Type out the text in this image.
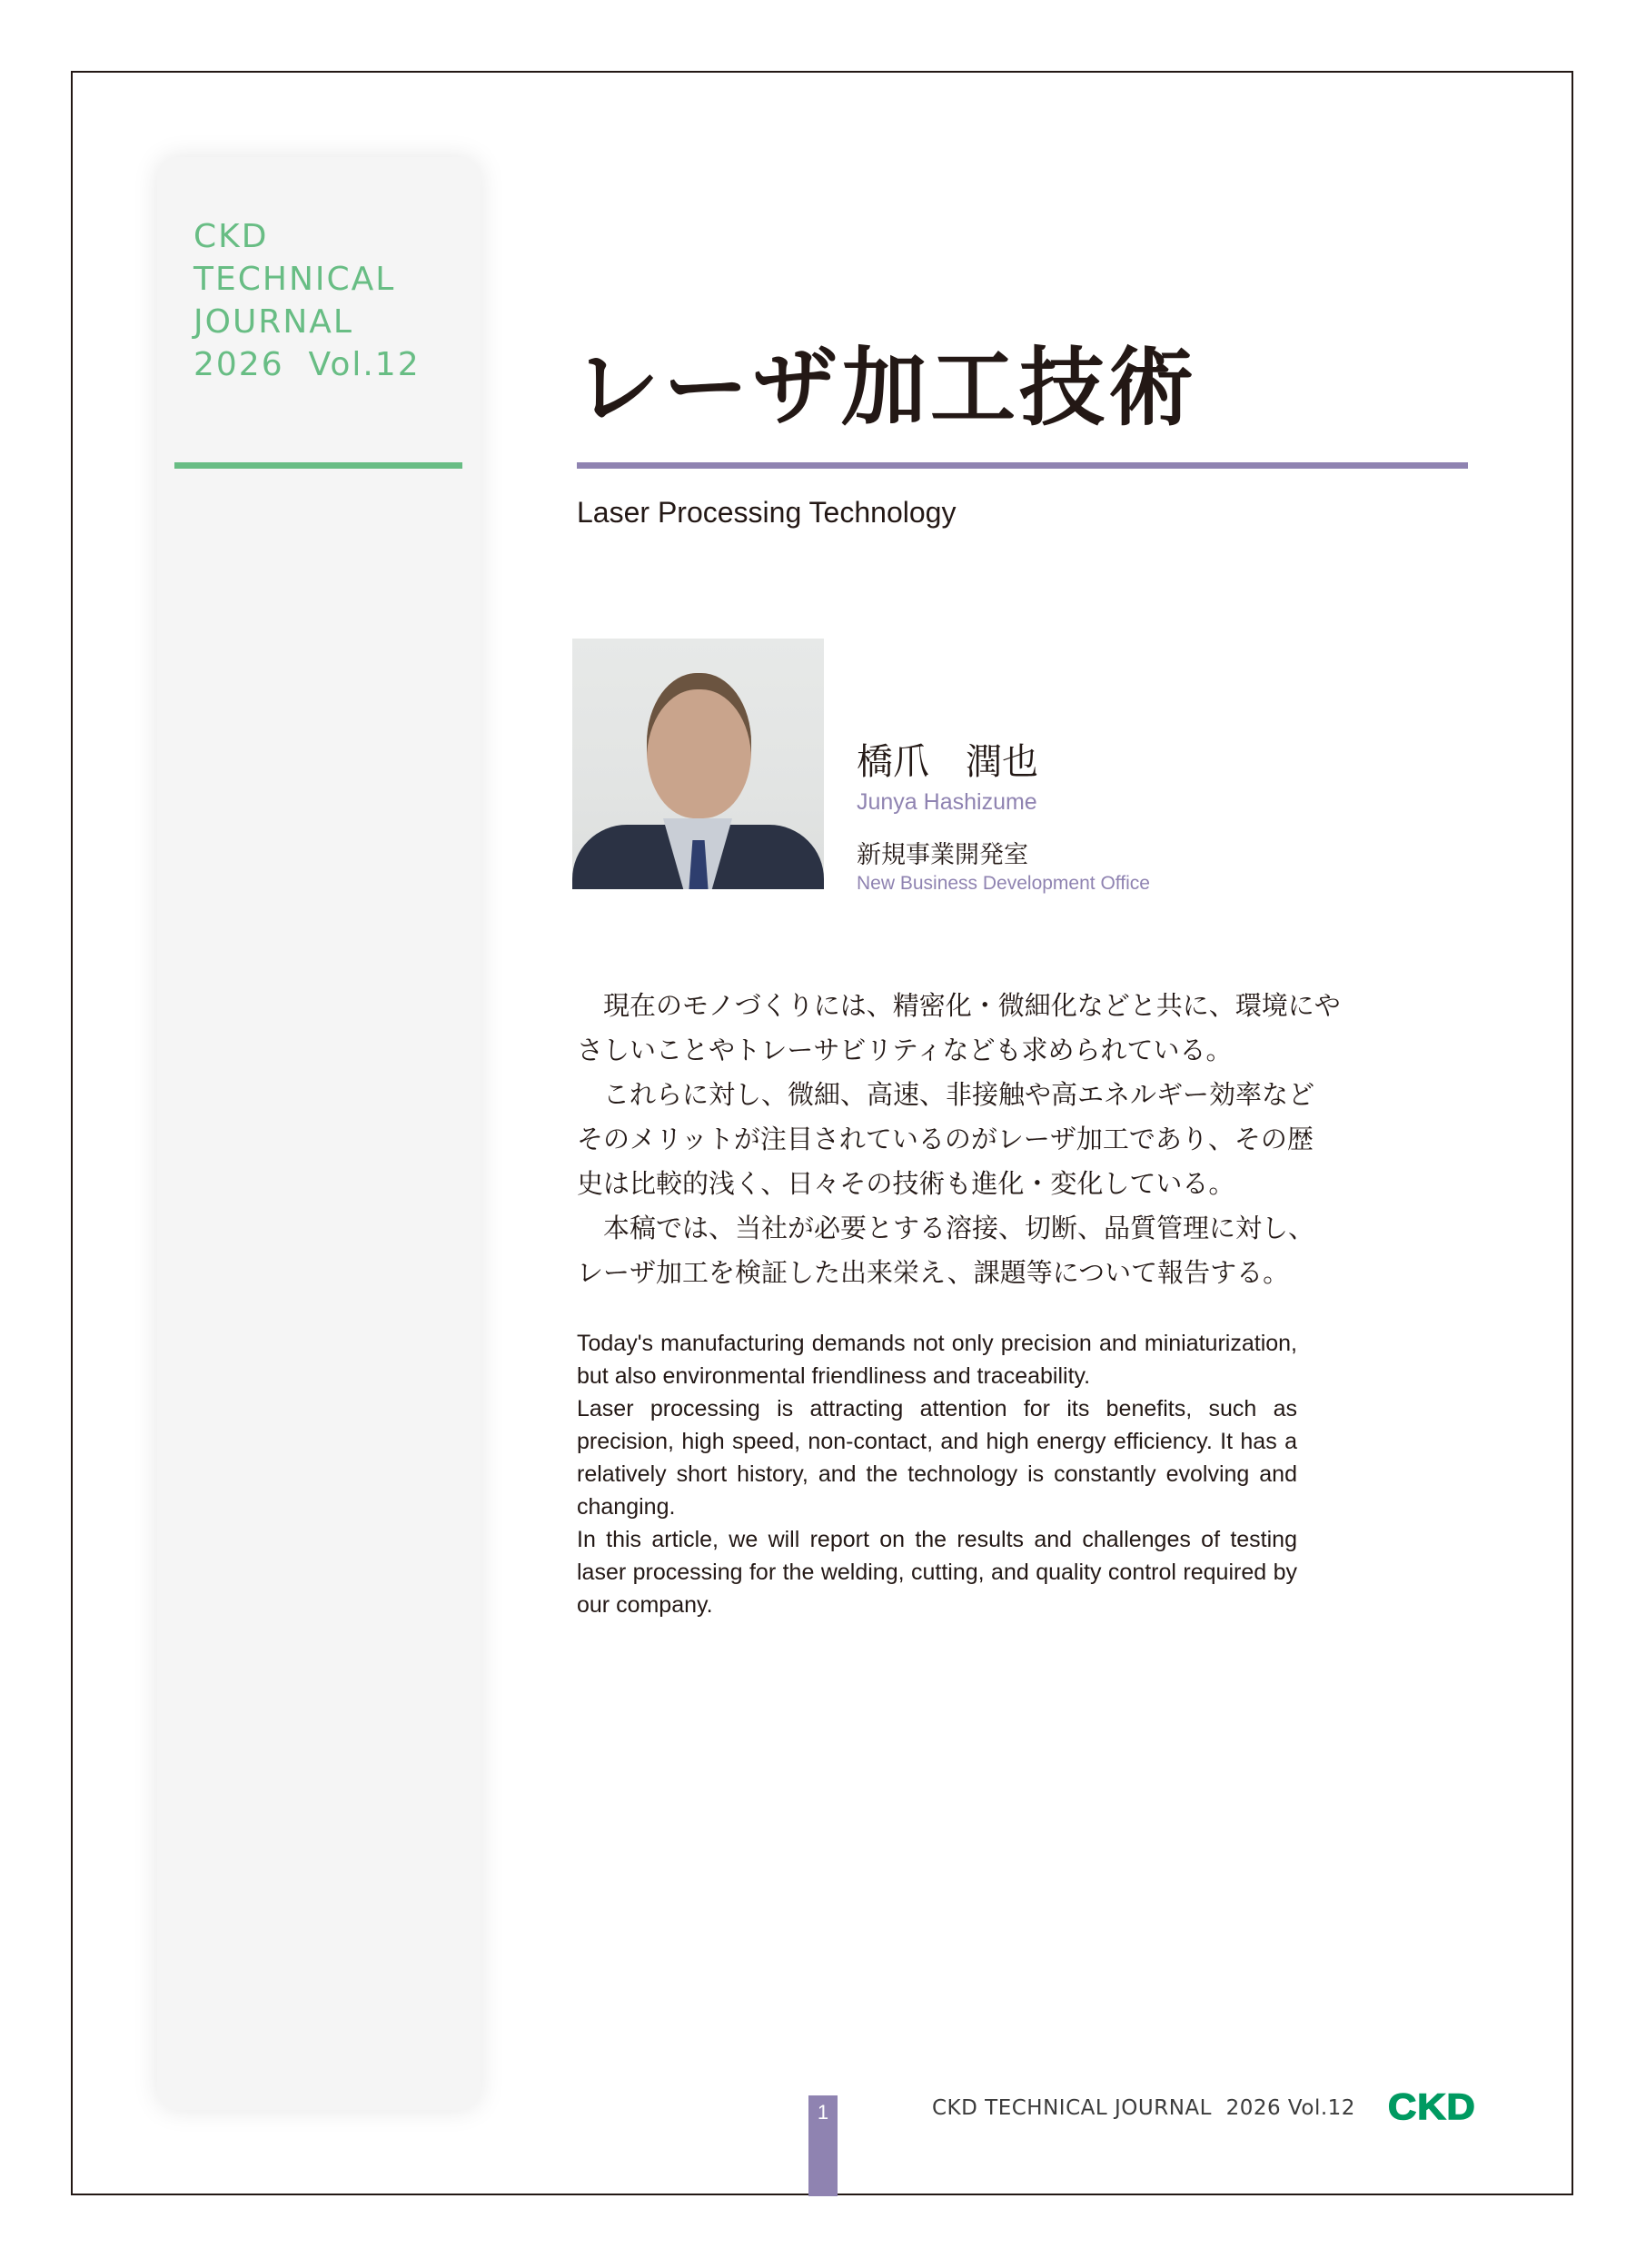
CKD
TECHNICAL
JOURNAL
2026  Vol.12 レーザ加工技術
Laser Processing Technology
橋爪　潤也
Junya Hashizume
新規事業開発室
New Business Development Office

　現在のモノづくりには、精密化・微細化などと共に、環境にや

さしいことやトレーサビリティなども求められている。

　これらに対し、微細、高速、非接触や高エネルギー効率など

そのメリットが注目されているのがレーザ加工であり、その歴

史は比較的浅く、日々その技術も進化・変化している。

　本稿では、当社が必要とする溶接、切断、品質管理に対し、

レーザ加工を検証した出来栄え、課題等について報告する。

Today's manufacturing demands not only precision and miniaturization, but also environmental friendliness and traceability.

Laser processing is attracting attention for its benefits, such as precision, high speed, non-contact, and high energy efficiency. It has a relatively short history, and the technology is constantly evolving and changing.

In this article, we will report on the results and challenges of testing laser processing for the welding, cutting, and quality control required by our company.

1	CKD TECHNICAL JOURNAL  2026 Vol.12 CKD
